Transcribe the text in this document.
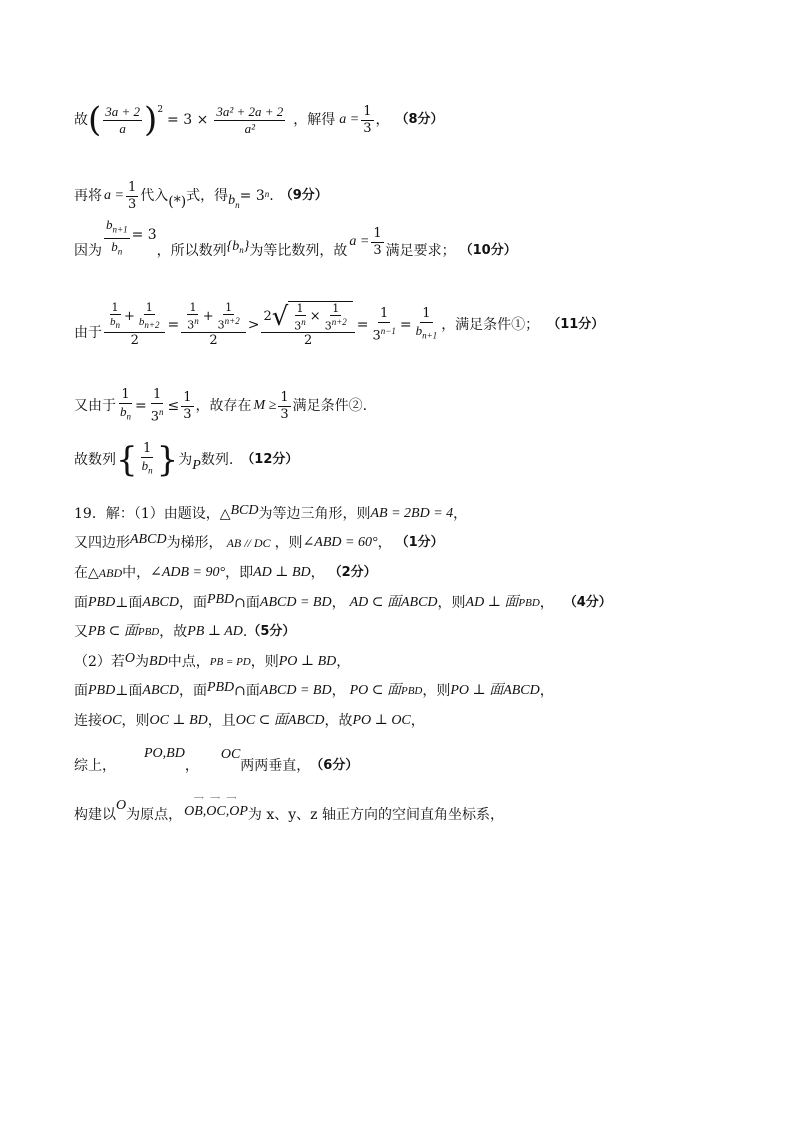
故 ( $\frac{3a + 2}{a} )^2$
= $3 \times \frac{\text{3a² + 2a + 2}}{\text{a²}}$ ，解得 $a = \frac{1}{3}$ ， （8分）
再将 $a = \frac{1}{3}$ 代入 (*) 式，得 $b_n$
= 3 n . （9分）
因为 $\frac{b_{n+1}}{b_n} = 3$
，所以数列 {$b_n$ } 为等比数列，故
$a = \frac{1}{3}$ 满足要求； （10分）
由于
$\frac{1}{b_n} + \frac{1}{b_{n+2}}$
2
= $\frac{1}{3^n} + \frac{1}{3^{n+2}}$
2
>
2 √ $\frac{1}{3^n} \times \frac{1}{3^{n+2}}$
2
= $\frac{1}{3^{n-1}} = \frac{1}{b_{n+1}}$ ，满足条件①； （11分）
又由于 $\frac{1}{b_n} = \frac{1}{3^n} \le \frac{1}{3}$ ，故存在 $M \ge \frac{1}{3}$ 满足条件②.
故数列 { $\frac{1}{b_n}$ } 为 P 数列. （12分）
19．解：（1）由题设，△ BCD 为等边三角形，则 AB = 2BD = 4 ，
又四边形 ABCD 为梯形， AB // DC ，则 ∠ABD = 60° ， （1分）
在△ ABD 中， ∠ADB = 90° ，即 AD ⊥ BD ， （2分）
面 PBD ⊥面 ABCD ，面 PBD ∩面 ABCD = BD ， AD ⊂ 面 ABCD ，则 AD ⊥ 面 PBD ， （4分）
又 PB ⊂ 面 PBD ，故 PB ⊥ AD . （5分）
（2）若 O 为 BD 中点， PB = PD ，则 PO ⊥ BD ，
面 PBD ⊥面 ABCD ，面 PBD ∩面 ABCD = BD ， PO ⊂ 面 PBD ，则 PO ⊥ 面 ABCD ，
连接 OC ，则 OC ⊥ BD ，且 OC ⊂ 面 ABCD ，故 PO ⊥ OC ，
综上，
PO,BD
，
OC
两两垂直， （6分）
构建以
O
为原点，
⟶ ⟶ ⟶
OB,OC,OP 为 x、y、z 轴正方向的空间直角坐标系，
